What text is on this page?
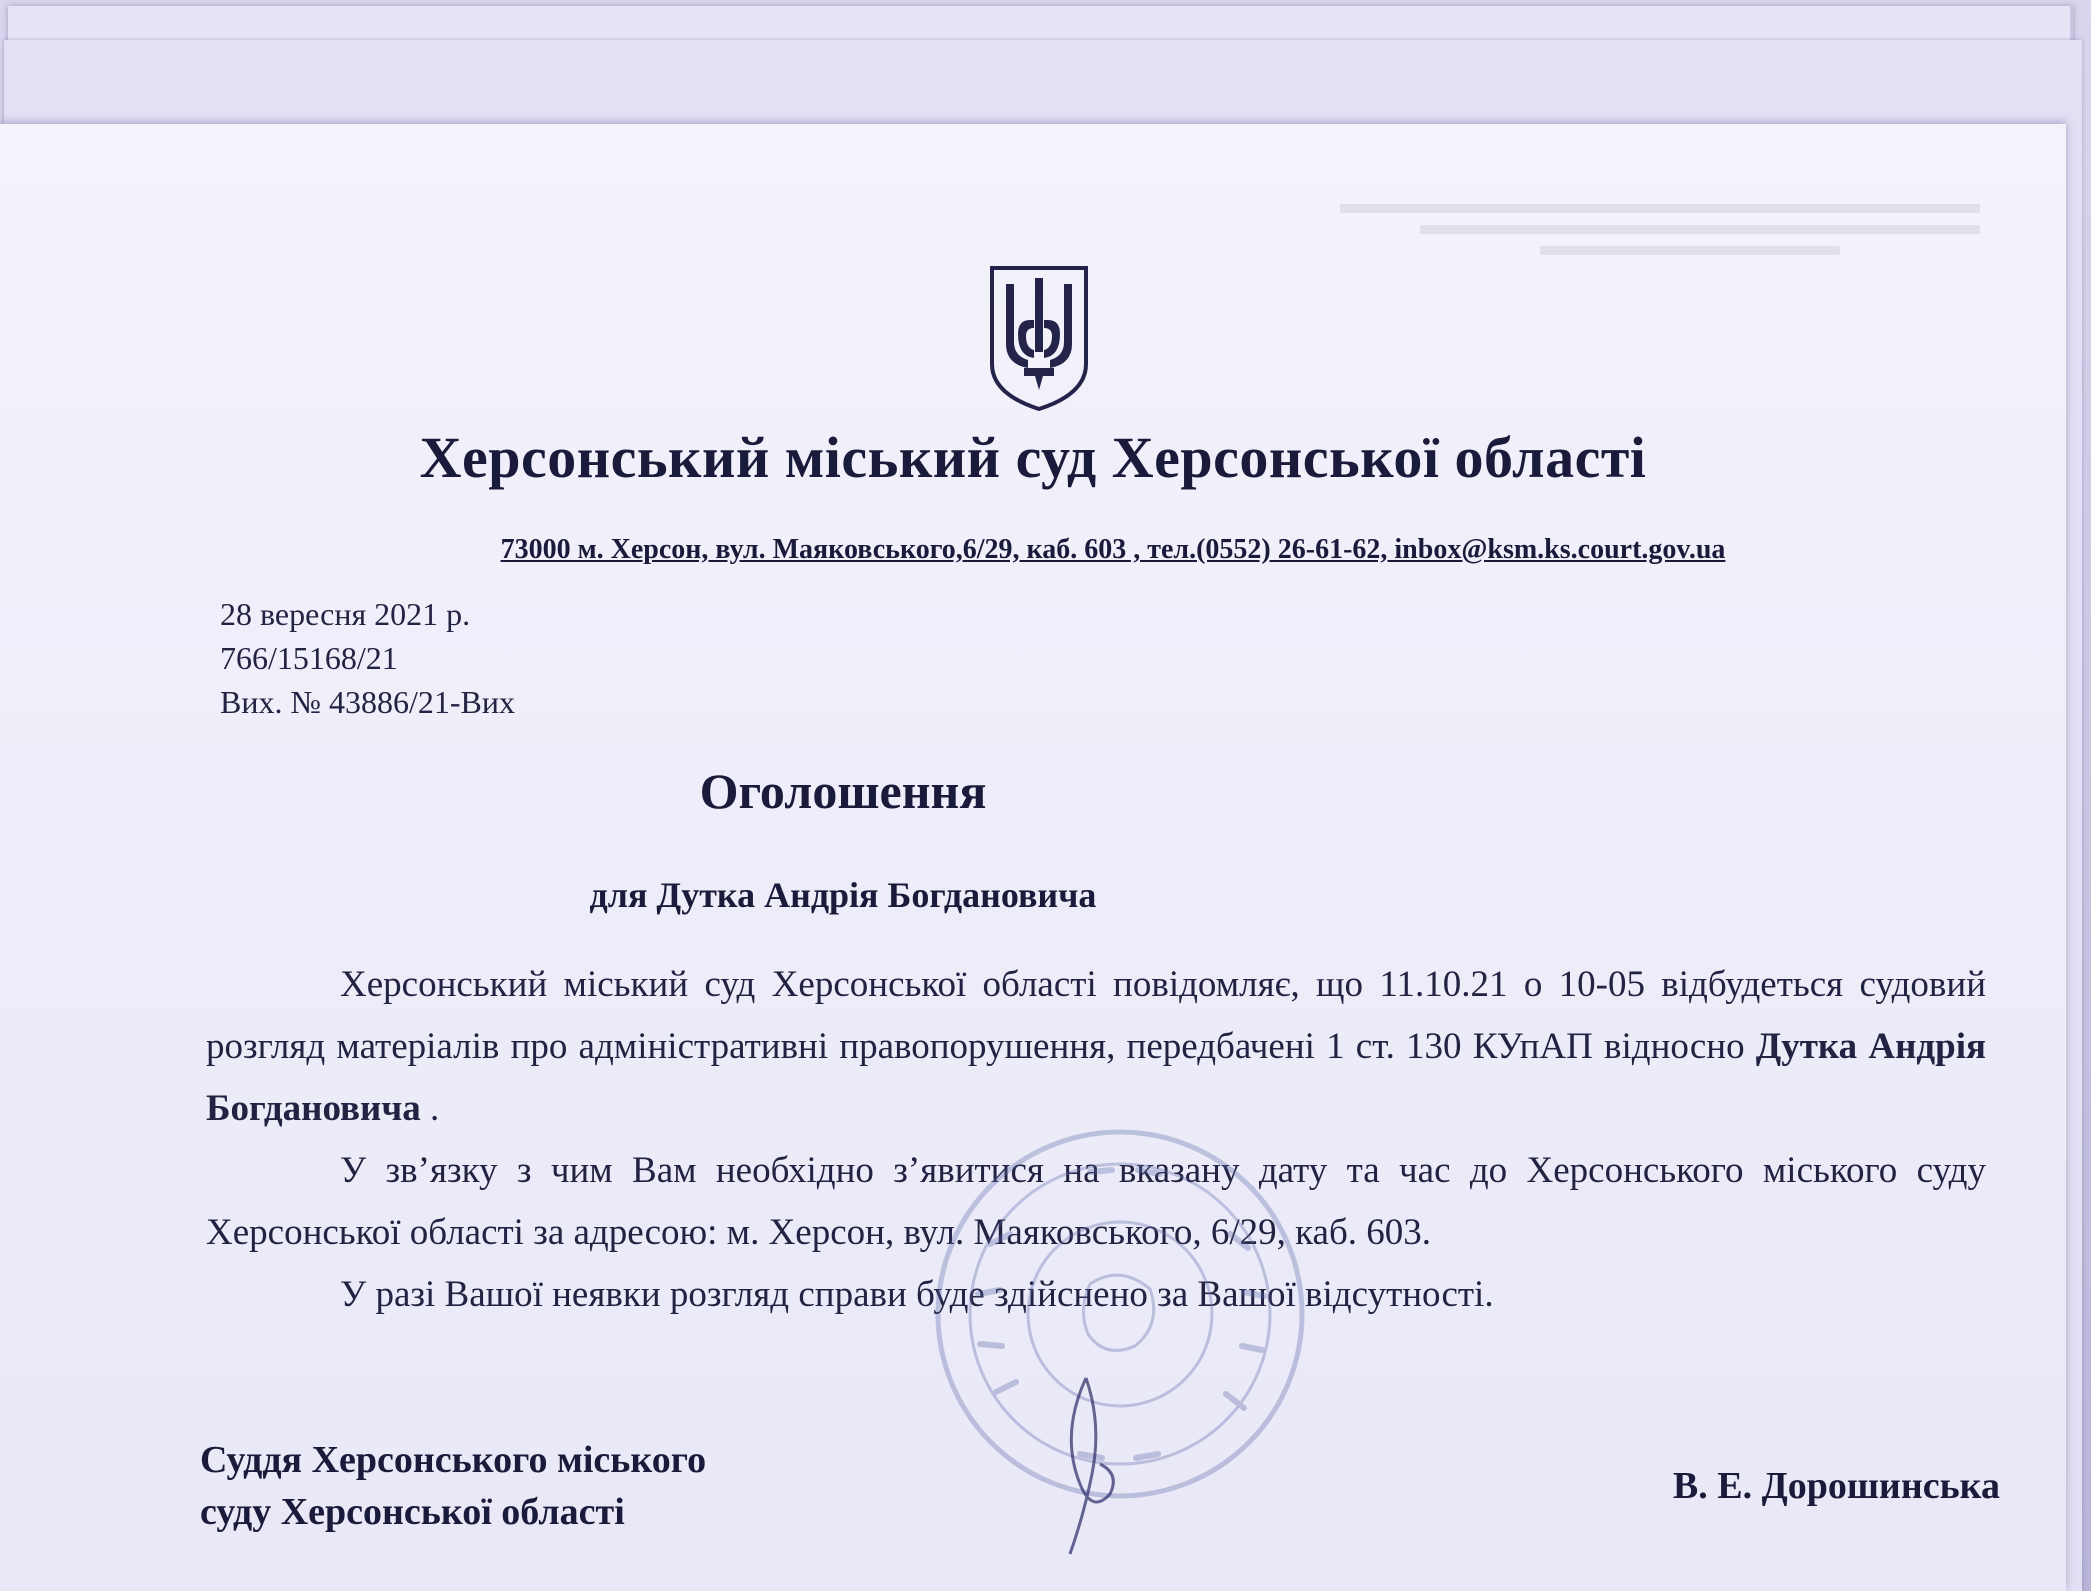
Херсонський міський суд Херсонської області
73000 м. Херсон, вул. Маяковського,6/29, каб. 603 , тел.(0552) 26-61-62, inbox@ksm.ks.court.gov.ua
28 вересня 2021 р.
766/15168/21
Вих. № 43886/21-Вих
Оголошення
для Дутка Андрія Богдановича

Херсонський міський суд Херсонської області повідомляє, що 11.10.21 о 10-05 відбудеться судовий розгляд матеріалів про адміністративні правопорушення, передбачені 1 ст. 130 КУпАП відносно Дутка Андрія Богдановича .

У зв’язку з чим Вам необхідно з’явитися на вказану дату та час до Херсонського міського суду Херсонської області за адресою: м. Херсон, вул. Маяковського, 6/29, каб. 603.

У разі Вашої неявки розгляд справи буде здійснено за Вашої відсутності.

Суддя Херсонського міського
суду Херсонської області
В. Е. Дорошинська
